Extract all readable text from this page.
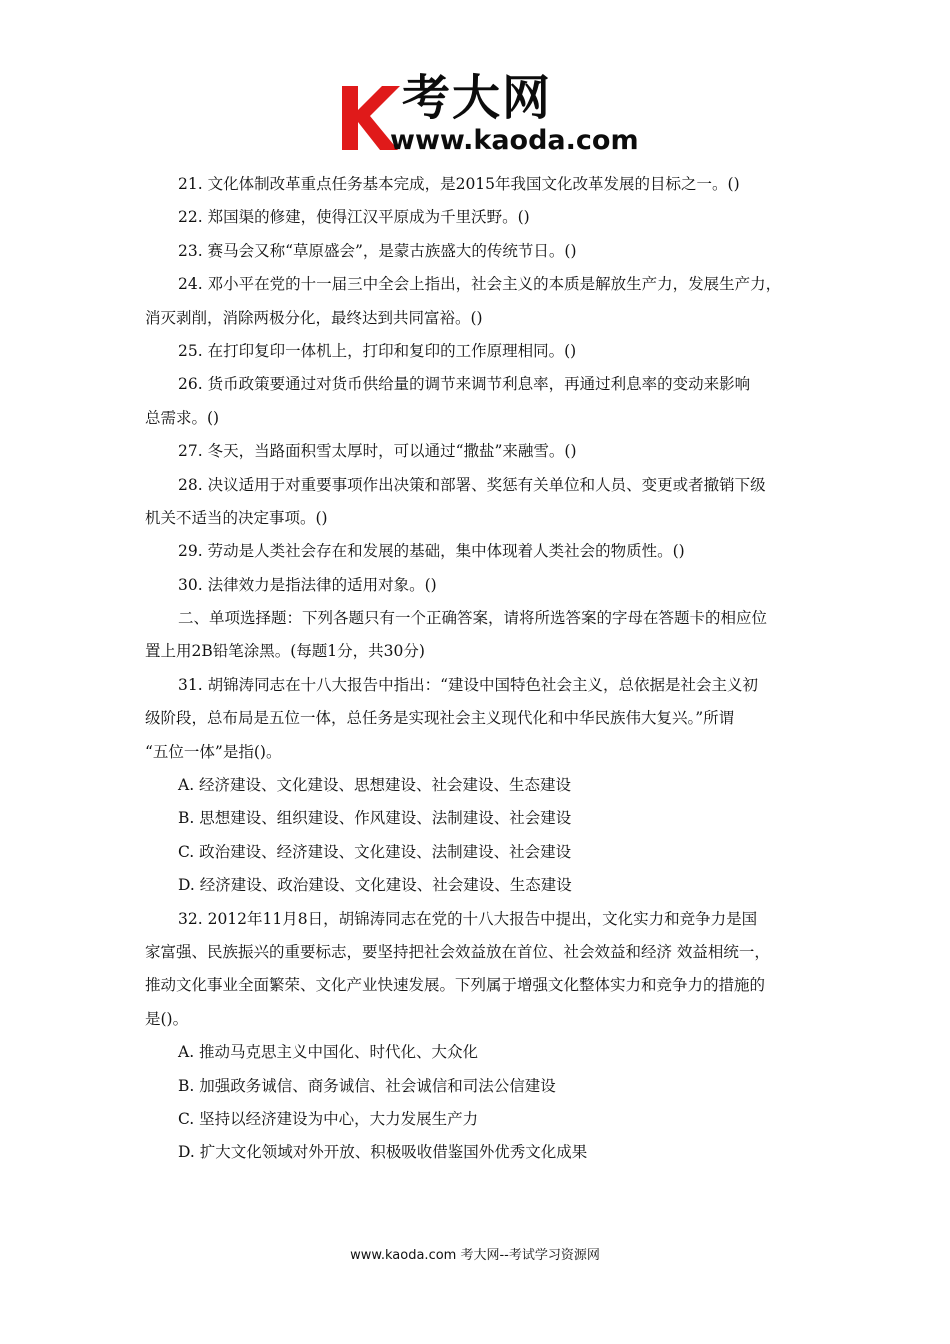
K 考大网
www.kaoda.com
21. 文化体制改革重点任务基本完成，是2015年我国文化改革发展的目标之一。()
22. 郑国渠的修建，使得江汉平原成为千里沃野。()
23. 赛马会又称“草原盛会”，是蒙古族盛大的传统节日。()
24. 邓小平在党的十一届三中全会上指出，社会主义的本质是解放生产力，发展生产力，
消灭剥削，消除两极分化，最终达到共同富裕。()
25. 在打印复印一体机上，打印和复印的工作原理相同。()
26. 货币政策要通过对货币供给量的调节来调节利息率，再通过利息率的变动来影响
总需求。()
27. 冬天，当路面积雪太厚时，可以通过“撒盐”来融雪。()
28. 决议适用于对重要事项作出决策和部署、奖惩有关单位和人员、变更或者撤销下级
机关不适当的决定事项。()
29. 劳动是人类社会存在和发展的基础，集中体现着人类社会的物质性。()
30. 法律效力是指法律的适用对象。()
二、单项选择题：下列各题只有一个正确答案，请将所选答案的字母在答题卡的相应位
置上用2B铅笔涂黑。(每题1分，共30分)
31. 胡锦涛同志在十八大报告中指出：“建设中国特色社会主义，总依据是社会主义初
级阶段，总布局是五位一体，总任务是实现社会主义现代化和中华民族伟大复兴。”所谓
“五位一体”是指()。
A. 经济建设、文化建设、思想建设、社会建设、生态建设
B. 思想建设、组织建设、作风建设、法制建设、社会建设
C. 政治建设、经济建设、文化建设、法制建设、社会建设
D. 经济建设、政治建设、文化建设、社会建设、生态建设
32. 2012年11月8日，胡锦涛同志在党的十八大报告中提出，文化实力和竞争力是国
家富强、民族振兴的重要标志，要坚持把社会效益放在首位、社会效益和经济 效益相统一，
推动文化事业全面繁荣、文化产业快速发展。下列属于增强文化整体实力和竞争力的措施的
是()。
A. 推动马克思主义中国化、时代化、大众化
B. 加强政务诚信、商务诚信、社会诚信和司法公信建设
C. 坚持以经济建设为中心，大力发展生产力
D. 扩大文化领域对外开放、积极吸收借鉴国外优秀文化成果
www.kaoda.com 考大网--考试学习资源网
